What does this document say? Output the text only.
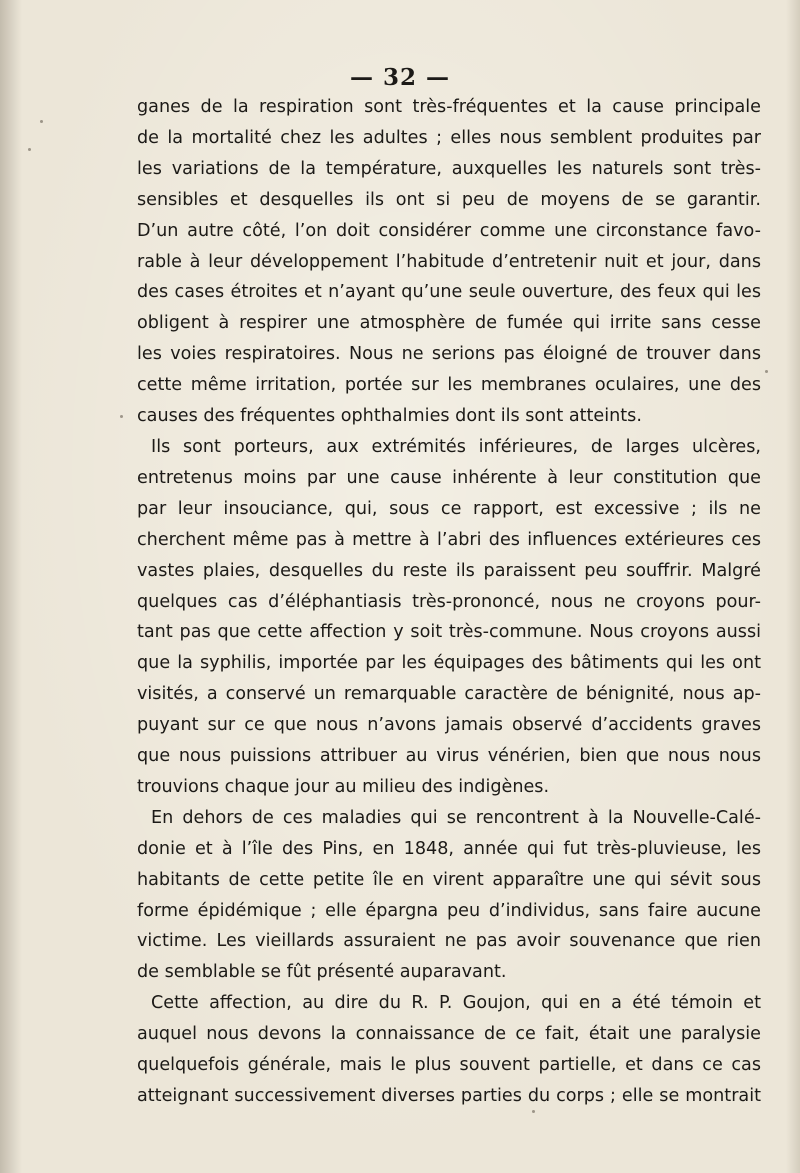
— 32 —
ganes de la respiration sont très-fréquentes et la cause principale
de la mortalité chez les adultes ; elles nous semblent produites par
les variations de la température, auxquelles les naturels sont très-
sensibles et desquelles ils ont si peu de moyens de se garantir.
D’un autre côté, l’on doit considérer comme une circonstance favo-
rable à leur développement l’habitude d’entretenir nuit et jour, dans
des cases étroites et n’ayant qu’une seule ouverture, des feux qui les
obligent à respirer une atmosphère de fumée qui irrite sans cesse
les voies respiratoires. Nous ne serions pas éloigné de trouver dans
cette même irritation, portée sur les membranes oculaires, une des
causes des fréquentes ophthalmies dont ils sont atteints.
Ils sont porteurs, aux extrémités inférieures, de larges ulcères,
entretenus moins par une cause inhérente à leur constitution que
par leur insouciance, qui, sous ce rapport, est excessive ; ils ne
cherchent même pas à mettre à l’abri des influences extérieures ces
vastes plaies, desquelles du reste ils paraissent peu souffrir. Malgré
quelques cas d’éléphantiasis très-prononcé, nous ne croyons pour-
tant pas que cette affection y soit très-commune. Nous croyons aussi
que la syphilis, importée par les équipages des bâtiments qui les ont
visités, a conservé un remarquable caractère de bénignité, nous ap-
puyant sur ce que nous n’avons jamais observé d’accidents graves
que nous puissions attribuer au virus vénérien, bien que nous nous
trouvions chaque jour au milieu des indigènes.
En dehors de ces maladies qui se rencontrent à la Nouvelle-Calé-
donie et à l’île des Pins, en 1848, année qui fut très-pluvieuse, les
habitants de cette petite île en virent apparaître une qui sévit sous
forme épidémique ; elle épargna peu d’individus, sans faire aucune
victime. Les vieillards assuraient ne pas avoir souvenance que rien
de semblable se fût présenté auparavant.
Cette affection, au dire du R. P. Goujon, qui en a été témoin et
auquel nous devons la connaissance de ce fait, était une paralysie
quelquefois générale, mais le plus souvent partielle, et dans ce cas
atteignant successivement diverses parties du corps ; elle se montrait
